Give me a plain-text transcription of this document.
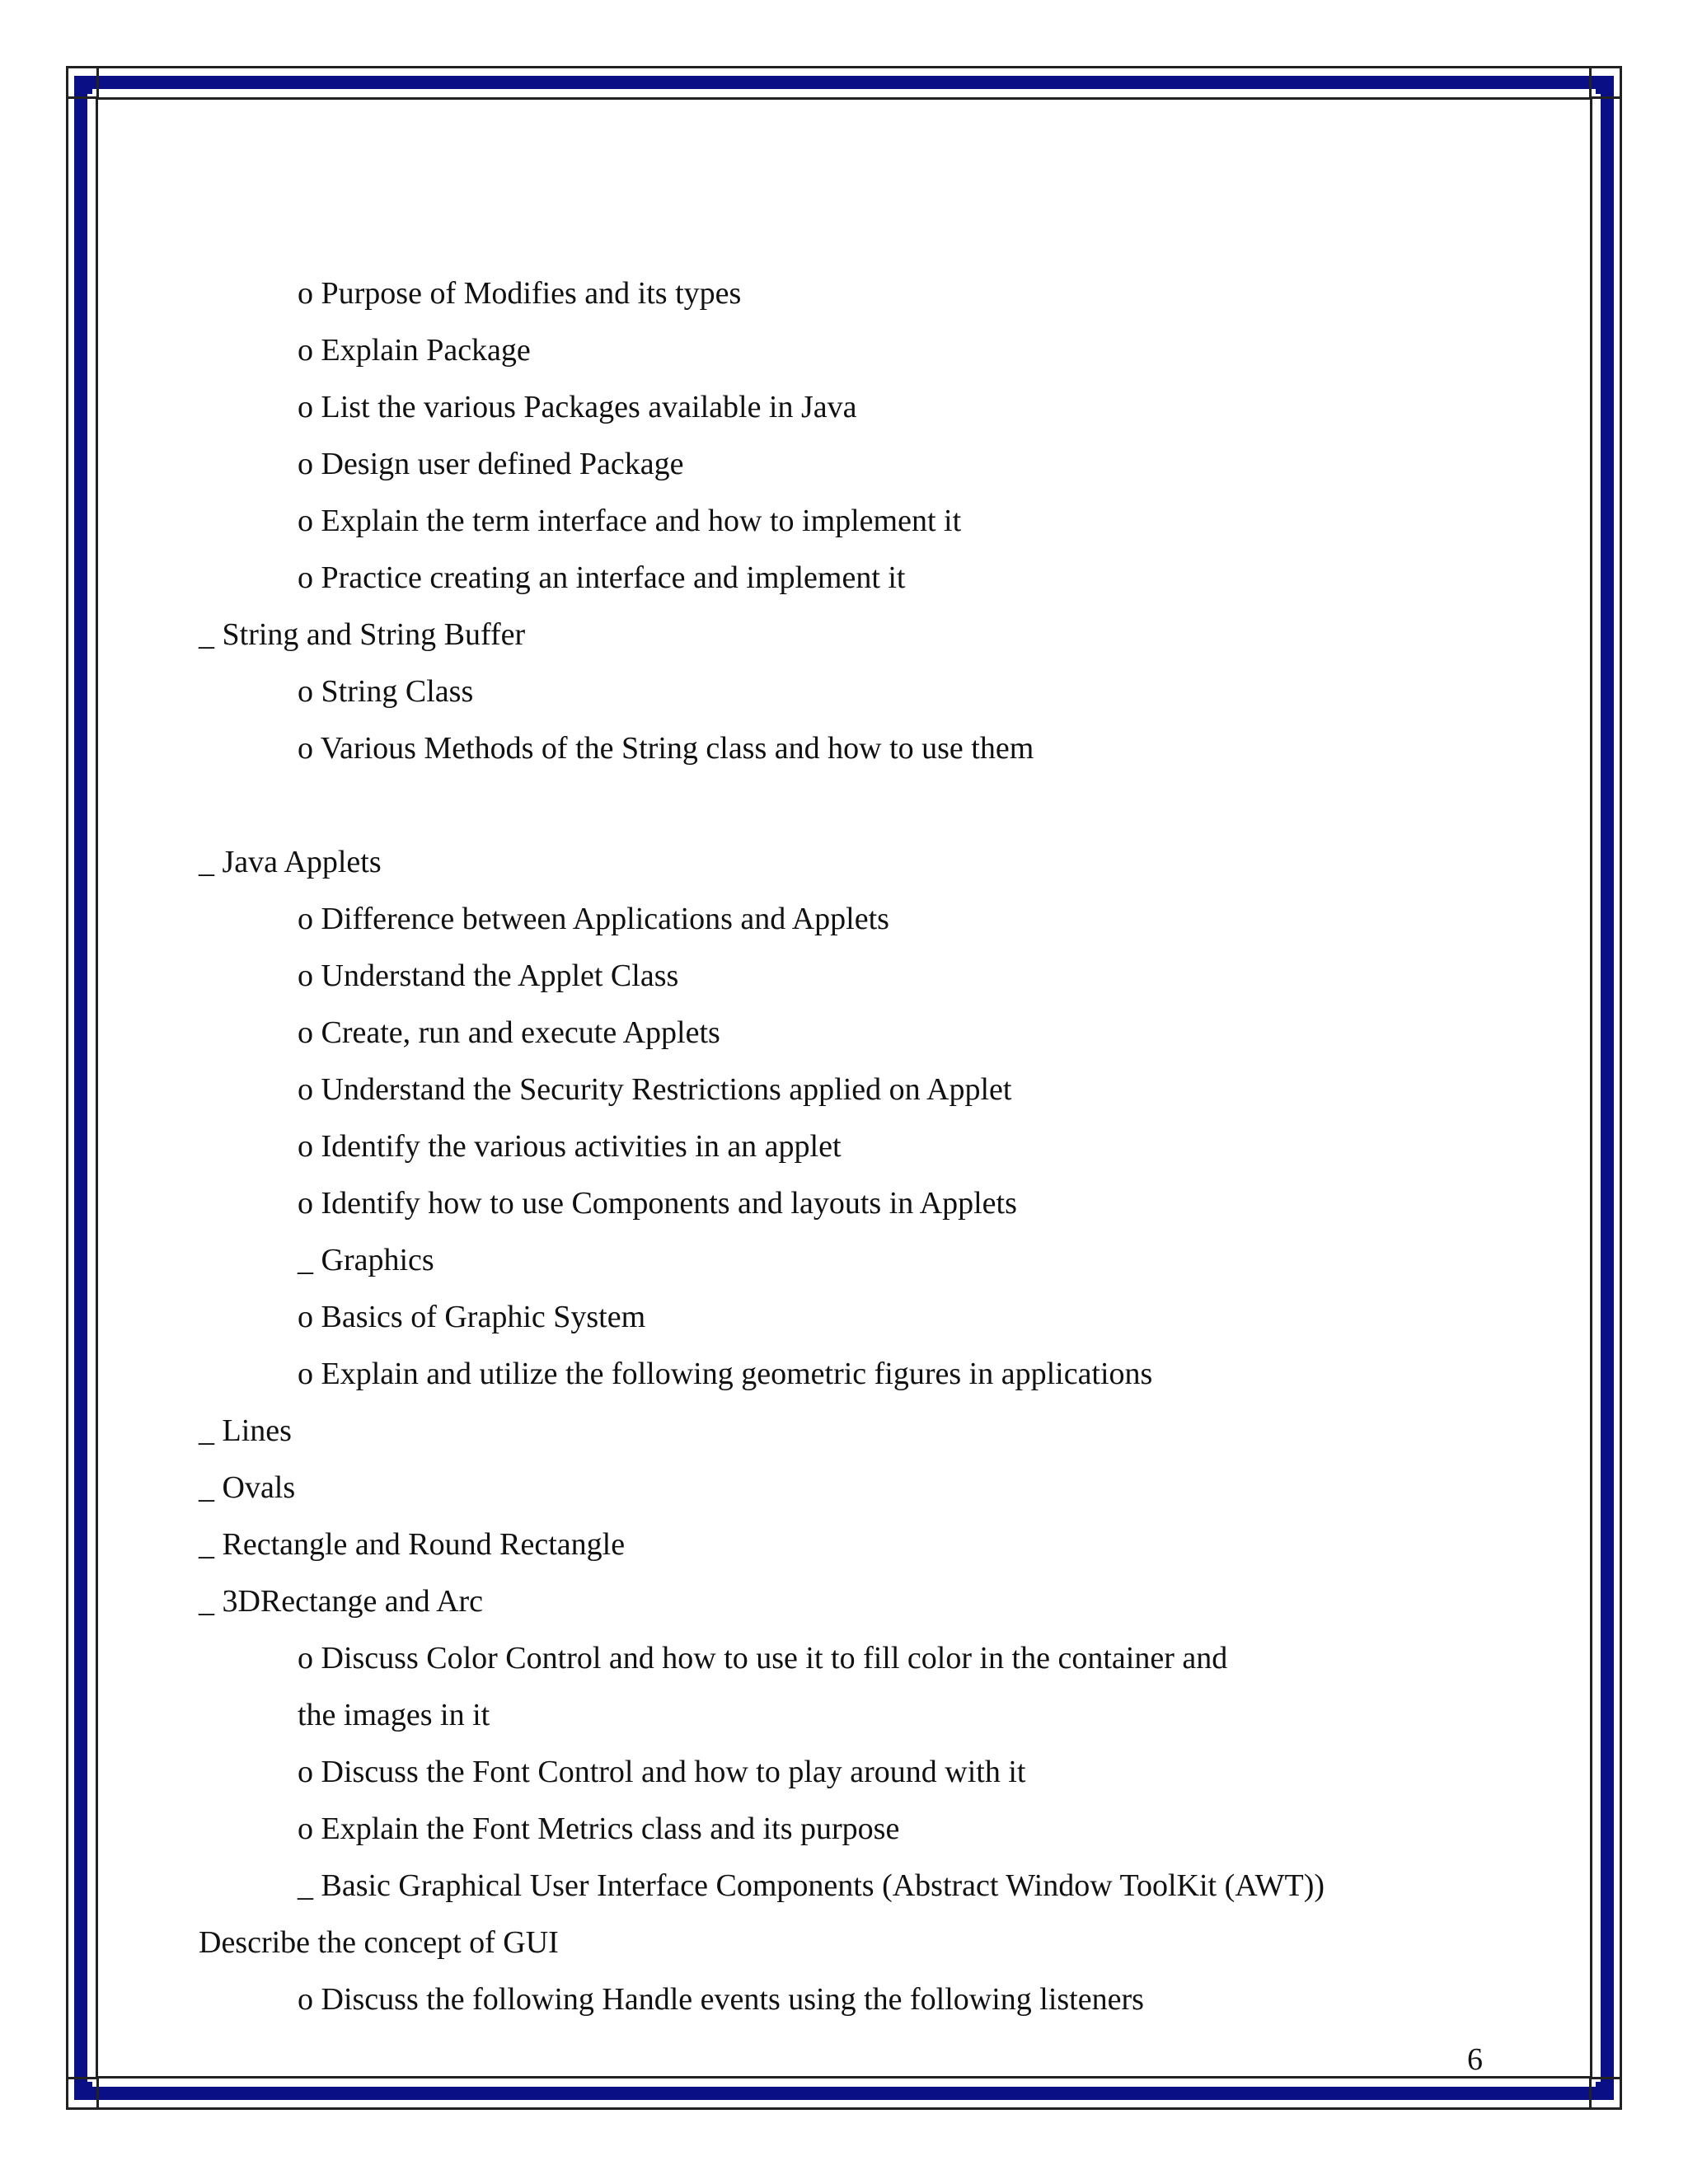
o Purpose of Modifies and its types
o Explain Package
o List the various Packages available in Java
o Design user defined Package
o Explain the term interface and how to implement it
o Practice creating an interface and implement it
_ String and String Buffer
o String Class
o Various Methods of the String class and how to use them
_ Java Applets
o Difference between Applications and Applets
o Understand the Applet Class
o Create, run and execute Applets
o Understand the Security Restrictions applied on Applet
o Identify the various activities in an applet
o Identify how to use Components and layouts in Applets
_ Graphics
o Basics of Graphic System
o Explain and utilize the following geometric figures in applications
_ Lines
_ Ovals
_ Rectangle and Round Rectangle
_ 3DRectange and Arc
o Discuss Color Control and how to use it to fill color in the container and
the images in it
o Discuss the Font Control and how to play around with it
o Explain the Font Metrics class and its purpose
_ Basic Graphical User Interface Components (Abstract Window ToolKit (AWT))
Describe the concept of GUI
o Discuss the following Handle events using the following listeners
6
